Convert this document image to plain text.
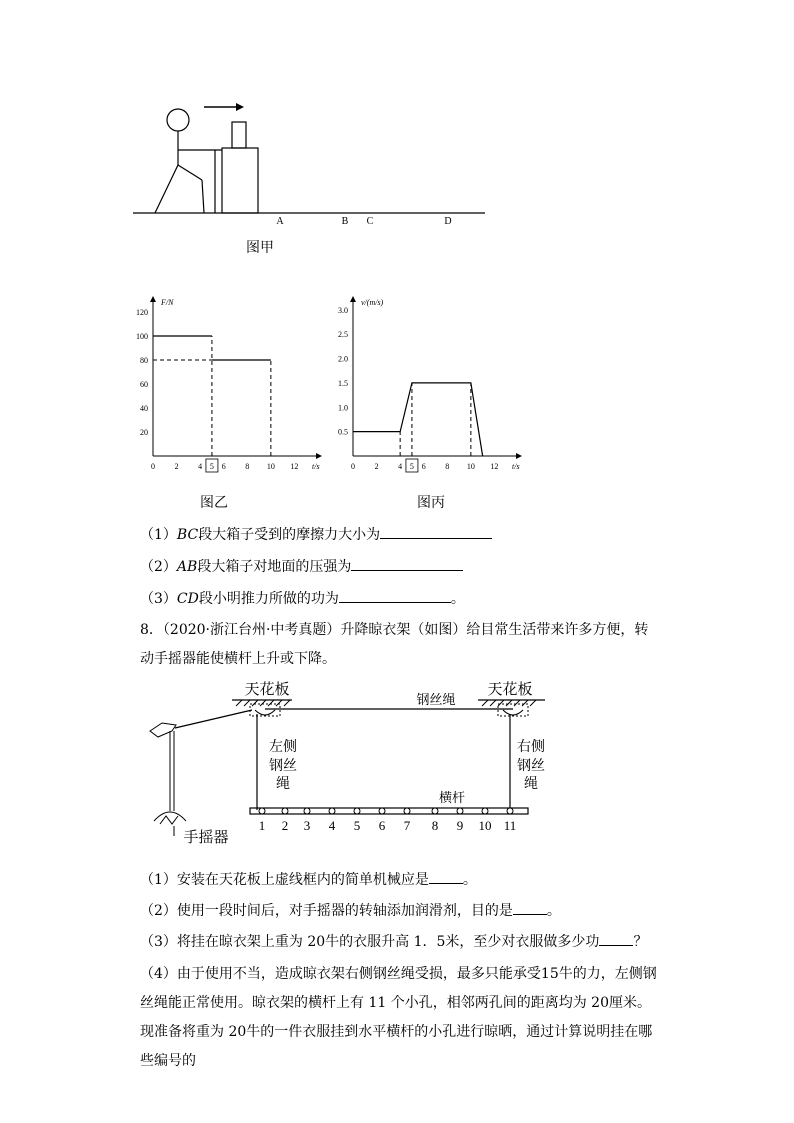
A	B C	D
图甲
F/N
t/s
0 2 4 6 8 10 12
20
40
60
80
100
120
5
图乙
v/(m/s)
t/s
0 2 4 6 8 10 12
0.5
1.0
1.5
2.0
2.5
3.0
5
图丙
（1）BC段大箱子受到的摩擦力大小为
（2）AB段大箱子对地面的压强为
（3）CD段小明推力所做的功为	。
8．（2020·浙江台州·中考真题）升降晾衣架（如图）给目常生活带来许多方便，转动手摇器能使横杆上升或下降。
天花板	天花板
钢丝绳
左侧
钢丝
绳
右侧
钢丝
绳
横杆
1 2 3 4 5 6 7 8 9 10 11
手摇器
（1）安装在天花板上虚线框内的简单机械应是 。
（2）使用一段时间后，对手摇器的转轴添加润滑剂，目的是 。
（3）将挂在晾衣架上重为 20牛的衣服升高 1．5米，至少对衣服做多少功 ？
（4）由于使用不当，造成晾衣架右侧钢丝绳受损，最多只能承受15牛的力，左侧钢丝绳能正常使用。晾衣架的横杆上有 11 个小孔，相邻两孔间的距离均为 20厘米。现准备将重为 20牛的一件衣服挂到水平横杆的小孔进行晾晒，通过计算说明挂在哪些编号的
